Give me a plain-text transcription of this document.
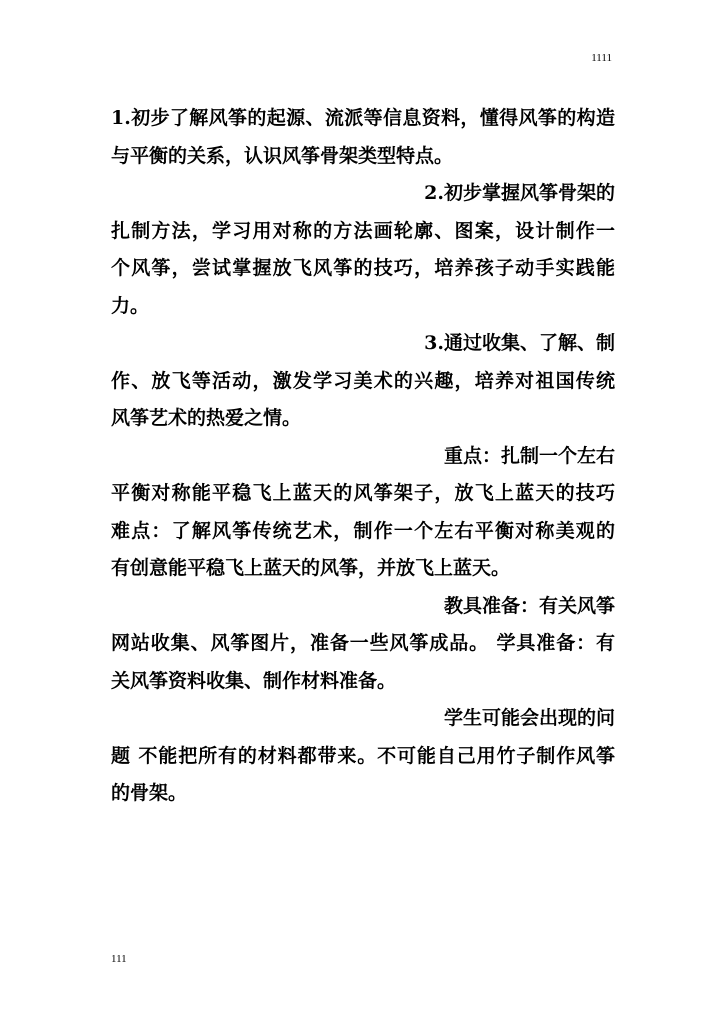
1111
1.初步了解风筝的起源、流派等信息资料，懂得风筝的构造
与平衡的关系，认识风筝骨架类型特点。
2.初步掌握风筝骨架的
扎制方法，学习用对称的方法画轮廓、图案，设计制作一
个风筝，尝试掌握放飞风筝的技巧，培养孩子动手实践能
力。
3.通过收集、了解、制
作、放飞等活动，激发学习美术的兴趣，培养对祖国传统
风筝艺术的热爱之情。
重点：扎制一个左右
平衡对称能平稳飞上蓝天的风筝架子，放飞上蓝天的技巧
难点：了解风筝传统艺术，制作一个左右平衡对称美观的
有创意能平稳飞上蓝天的风筝，并放飞上蓝天。
教具准备：有关风筝
网站收集、风筝图片，准备一些风筝成品。 学具准备：有
关风筝资料收集、制作材料准备。
学生可能会出现的问
题 不能把所有的材料都带来。不可能自己用竹子制作风筝
的骨架。
111
